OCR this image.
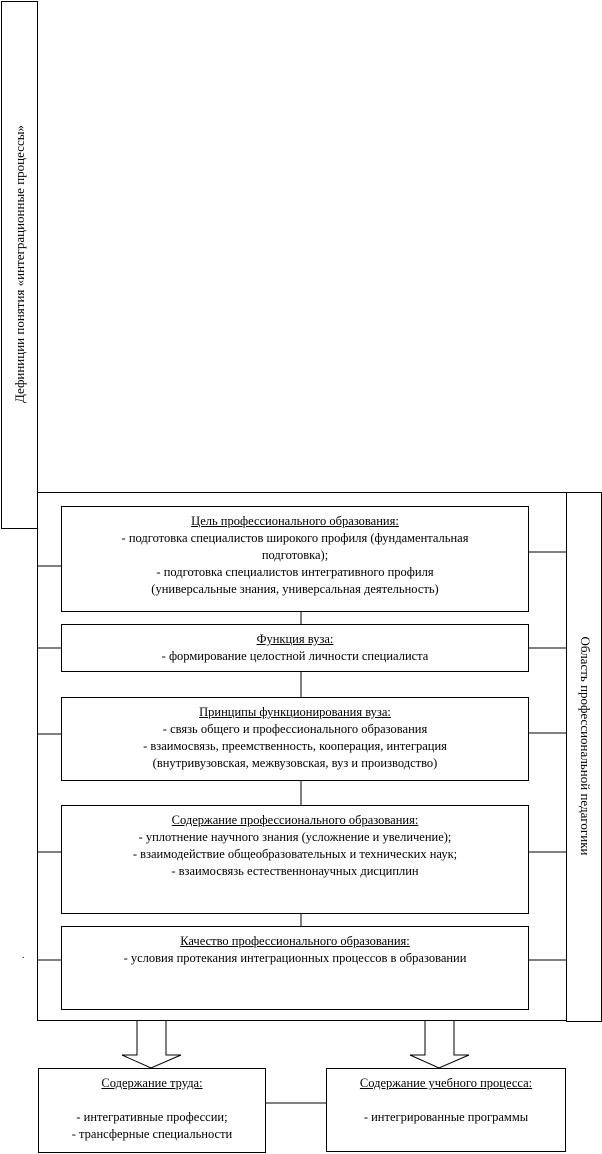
Дефиниции понятия «интеграционные процессы»
Область профессиональной педагогики
Цель профессионального образования:
- подготовка специалистов широкого профиля (фундаментальная
подготовка);
- подготовка специалистов интегративного профиля
(универсальные знания, универсальная деятельность)
Функция вуза:
- формирование целостной личности специалиста
Принципы функционирования вуза:
- связь общего и профессионального образования
- взаимосвязь, преемственность, кооперация, интеграция
(внутривузовская, межвузовская, вуз и производство)
Содержание профессионального образования:
- уплотнение научного знания (усложнение и увеличение);
- взаимодействие общеобразовательных и технических наук;
- взаимосвязь естественнонаучных дисциплин
Качество профессионального образования:
- условия протекания интеграционных процессов в образовании
.
Содержание труда:
- интегративные профессии;
- трансферные специальности
Содержание учебного процесса:
- интегрированные программы
